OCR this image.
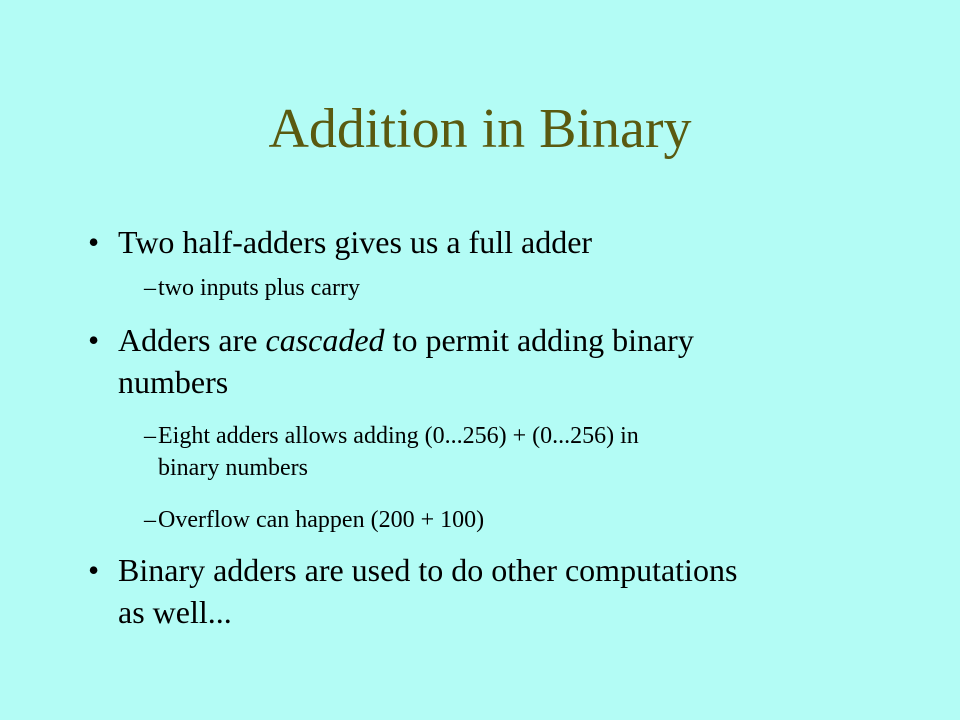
Addition in Binary
• Two half-adders gives us a full adder
– two inputs plus carry
• Adders are cascaded to permit adding binary
numbers
– Eight adders allows adding (0...256) + (0...256) in
binary numbers
– Overflow can happen (200 + 100)
• Binary adders are used to do other computations
as well...
